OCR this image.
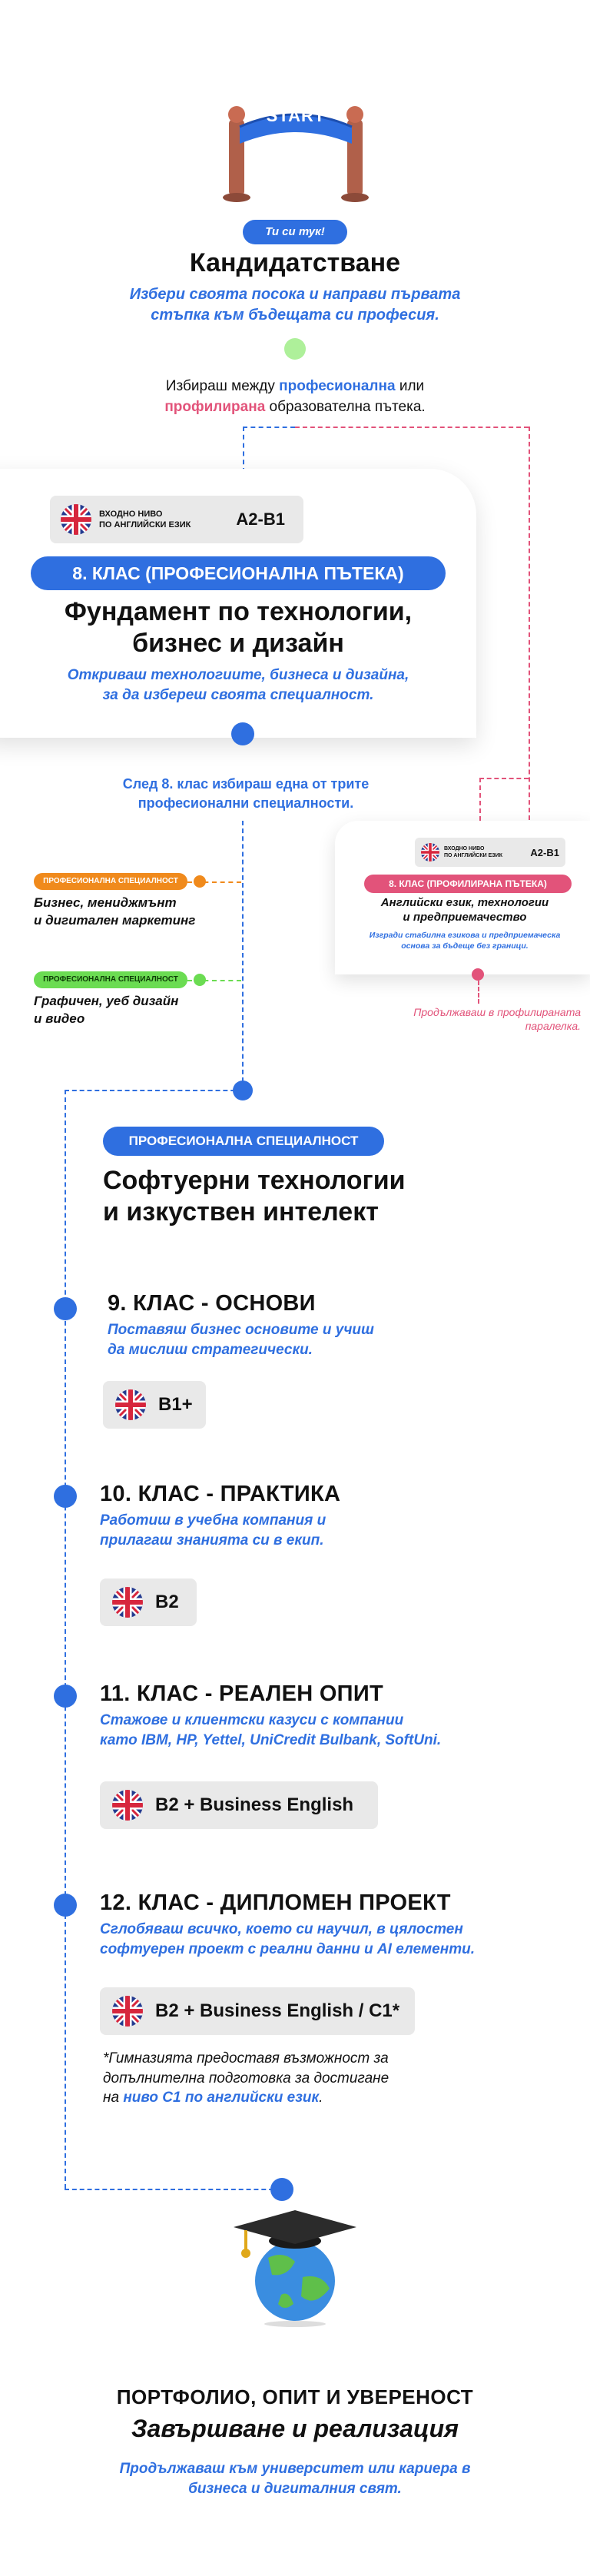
START
Ти си тук!
Кандидатстване
Избери своята посока и направи първата
стъпка към бъдещата си професия.
Избираш между професионална или
профилирана образователна пътека.
ВХОДНО НИВО
ПО АНГЛИЙСКИ ЕЗИК	A2-B1
8. КЛАС (ПРОФЕСИОНАЛНА ПЪТЕКА)
Фундамент по технологии,
бизнес и дизайн
Откриваш технологиите, бизнеса и дизайна,
за да избереш своята специалност.
След 8. клас избираш една от трите
професионални специалности.
ПРОФЕСИОНАЛНА СПЕЦИАЛНОСТ
Бизнес, мениджмънт
и дигитален маркетинг
ПРОФЕСИОНАЛНА СПЕЦИАЛНОСТ
Графичен, уеб дизайн
и видео
ВХОДНО НИВО
ПО АНГЛИЙСКИ ЕЗИК	A2-B1
8. КЛАС (ПРОФИЛИРАНА ПЪТЕКА)
Английски език, технологии
и предприемачество
Изгради стабилна езикова и предприемаческа
основа за бъдеще без граници.
Продължаваш в профилираната
паралелка.
ПРОФЕСИОНАЛНА СПЕЦИАЛНОСТ
Софтуерни технологии
и изкуствен интелект
9. КЛАС - ОСНОВИ
Поставяш бизнес основите и учиш
да мислиш стратегически.
B1+
10. КЛАС - ПРАКТИКА
Работиш в учебна компания и
прилагаш знанията си в екип.
B2
11. КЛАС - РЕАЛЕН ОПИТ
Стажове и клиентски казуси с компании
като IBM, HP, Yettel, UniCredit Bulbank, SoftUni.
B2 + Business English
12. КЛАС - ДИПЛОМЕН ПРОЕКТ
Сглобяваш всичко, което си научил, в цялостен
софтуерен проект с реални данни и AI елементи.
B2 + Business English / C1*
*Гимназията предоставя възможност за
допълнителна подготовка за достигане
на ниво C1 по английски език.
ПОРТФОЛИО, ОПИТ И УВЕРЕНОСТ
Завършване и реализация
Продължаваш към университет или кариера в
бизнеса и дигиталния свят.
